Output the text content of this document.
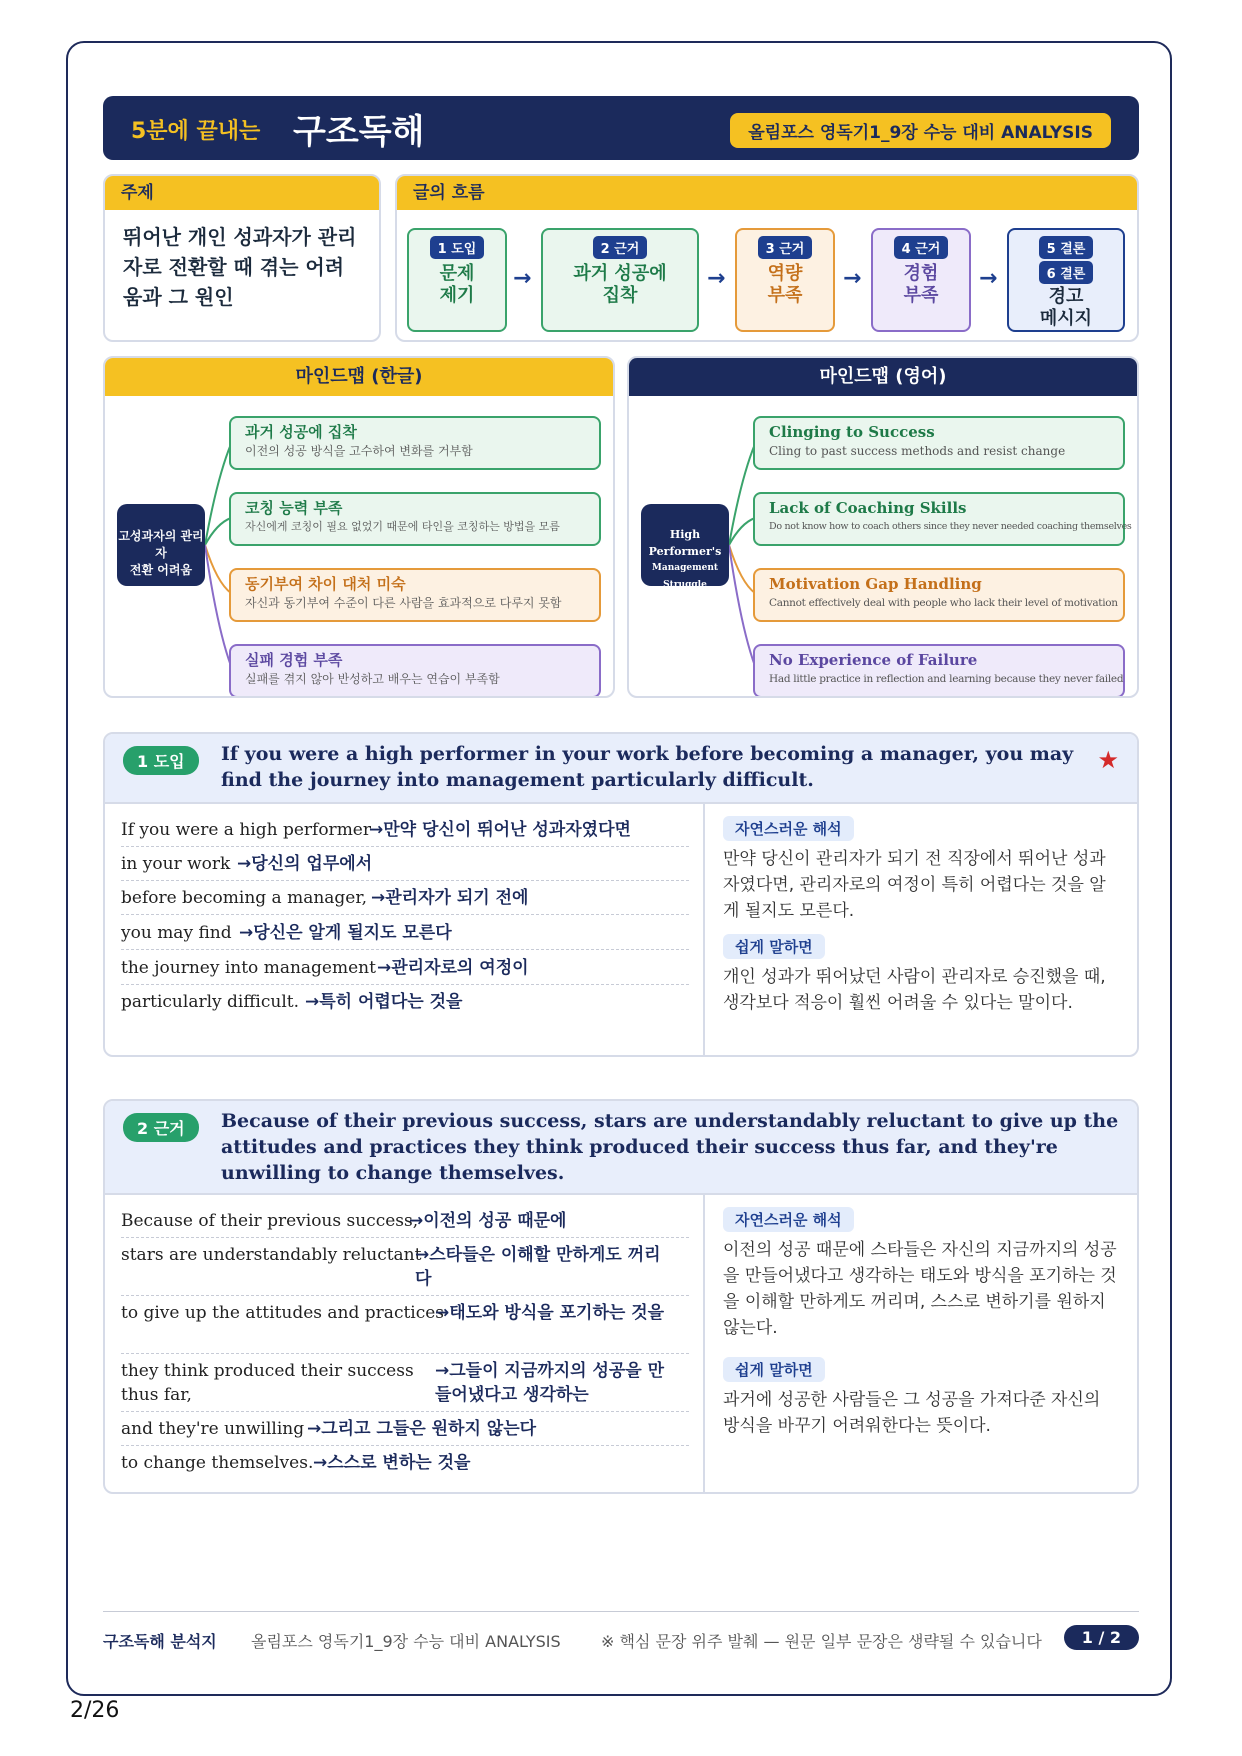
5분에 끝내는 구조독해	올림포스 영독기1_9장 수능 대비 ANALYSIS
주제
뛰어난 개인 성과자가 관리
자로 전환할 때 겪는 어려
움과 그 원인
글의 흐름
1 도입
문제
제기
→
2 근거
과거 성공에
집착
→
3 근거
역량
부족
→
4 근거
경험
부족
→
5 결론
6 결론
경고
메시지
마인드맵 (한글)
고성과자의 관리자
전환 어려움
과거 성공에 집착
이전의 성공 방식을 고수하여 변화를 거부함
코칭 능력 부족
자신에게 코칭이 필요 없었기 때문에 타인을 코칭하는 방법을 모름
동기부여 차이 대처 미숙
자신과 동기부여 수준이 다른 사람을 효과적으로 다루지 못함
실패 경험 부족
실패를 겪지 않아 반성하고 배우는 연습이 부족함
마인드맵 (영어)
High Performer's
Management Struggle
Clinging to Success
Cling to past success methods and resist change
Lack of Coaching Skills
Do not know how to coach others since they never needed coaching themselves
Motivation Gap Handling
Cannot effectively deal with people who lack their level of motivation
No Experience of Failure
Had little practice in reflection and learning because they never failed
1 도입	If you were a high performer in your work before becoming a manager, you may find the journey into management particularly difficult.
★
If you were a high performer
→만약 당신이 뛰어난 성과자였다면
in your work →당신의 업무에서
before becoming a manager, →관리자가 되기 전에
you may find →당신은 알게 될지도 모른다
the journey into management →관리자로의 여정이
particularly difficult. →특히 어렵다는 것을
자연스러운 해석
만약 당신이 관리자가 되기 전 직장에서 뛰어난 성과자였다면, 관리자로의 여정이 특히 어렵다는 것을 알게 될지도 모른다.
쉽게 말하면
개인 성과가 뛰어났던 사람이 관리자로 승진했을 때, 생각보다 적응이 훨씬 어려울 수 있다는 말이다.
2 근거	Because of their previous success, stars are understandably reluctant to give up the attitudes and practices they think produced their success thus far, and they're unwilling to change themselves.
Because of their previous success,
→이전의 성공 때문에
stars are understandably reluctant
→스타들은 이해할 만하게도 꺼리다
to give up the attitudes and practices
→태도와 방식을 포기하는 것을
they think produced their success thus far,
→그들이 지금까지의 성공을 만들어냈다고 생각하는
and they're unwilling →그리고 그들은 원하지 않는다
to change themselves. →스스로 변하는 것을
자연스러운 해석
이전의 성공 때문에 스타들은 자신의 지금까지의 성공을 만들어냈다고 생각하는 태도와 방식을 포기하는 것을 이해할 만하게도 꺼리며, 스스로 변하기를 원하지 않는다.
쉽게 말하면
과거에 성공한 사람들은 그 성공을 가져다준 자신의 방식을 바꾸기 어려워한다는 뜻이다.
구조독해 분석지 올림포스 영독기1_9장 수능 대비 ANALYSIS	※ 핵심 문장 위주 발췌 — 원문 일부 문장은 생략될 수 있습니다	1 / 2
2/26
